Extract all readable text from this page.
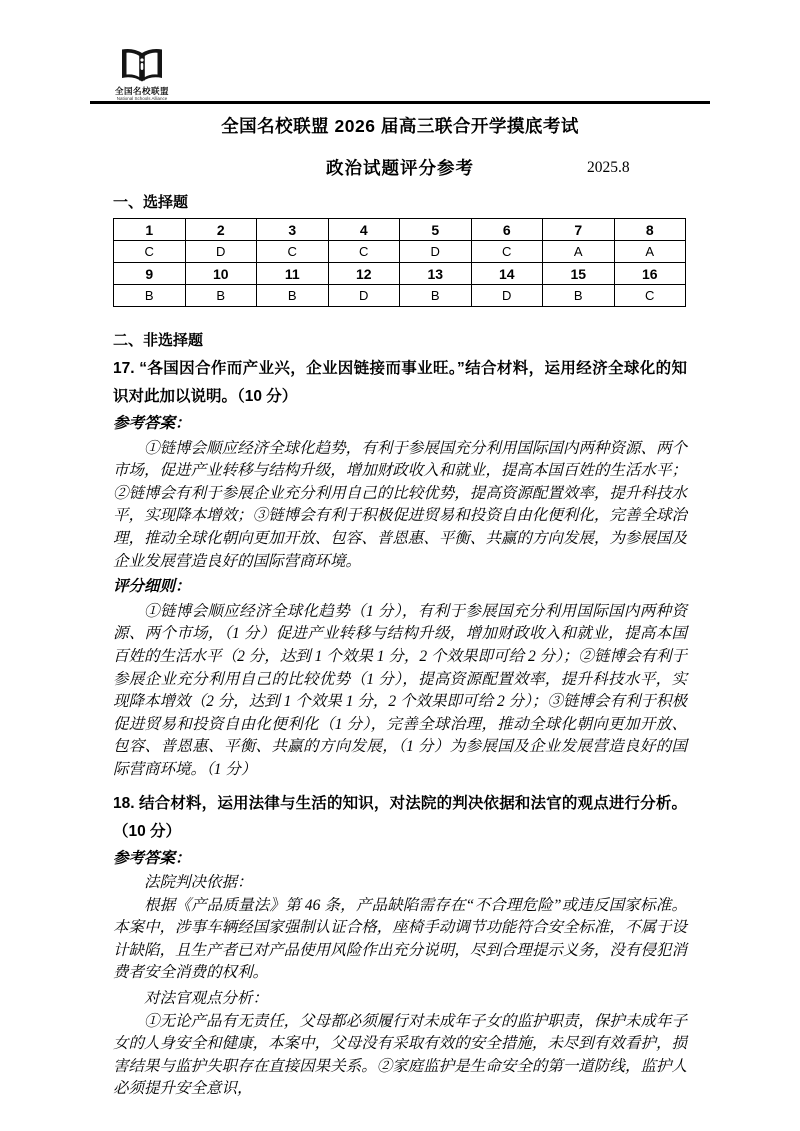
全国名校联盟
National Schools Alliance
全国名校联盟 2026 届高三联合开学摸底考试
政治试题评分参考	2025.8
一、选择题
1	2	3	4	5	6	7	8
C	D	C	C	D	C	A	A
9	10	11	12	13	14	15	16
B	B	B	D	B	D	B	C
二、非选择题

17. “各国因合作而产业兴，企业因链接而事业旺。”结合材料，运用经济全球化的知识对此加以说明。（10 分）

参考答案：

①链博会顺应经济全球化趋势，有利于参展国充分利用国际国内两种资源、两个市场，促进产业转移与结构升级，增加财政收入和就业，提高本国百姓的生活水平；②链博会有利于参展企业充分利用自己的比较优势，提高资源配置效率，提升科技水平，实现降本增效；③链博会有利于积极促进贸易和投资自由化便利化，完善全球治理，推动全球化朝向更加开放、包容、普恩惠、平衡、共赢的方向发展，为参展国及企业发展营造良好的国际营商环境。

评分细则：

①链博会顺应经济全球化趋势（1 分），有利于参展国充分利用国际国内两种资源、两个市场，（1 分）促进产业转移与结构升级，增加财政收入和就业，提高本国百姓的生活水平（2 分，达到 1 个效果 1 分，2 个效果即可给 2 分）；②链博会有利于参展企业充分利用自己的比较优势（1 分），提高资源配置效率，提升科技水平，实现降本增效（2 分，达到 1 个效果 1 分，2 个效果即可给 2 分）；③链博会有利于积极促进贸易和投资自由化便利化（1 分），完善全球治理，推动全球化朝向更加开放、包容、普恩惠、平衡、共赢的方向发展，（1 分）为参展国及企业发展营造良好的国际营商环境。（1 分）

18. 结合材料，运用法律与生活的知识，对法院的判决依据和法官的观点进行分析。（10 分）

参考答案：

法院判决依据：

根据《产品质量法》第 46 条，产品缺陷需存在“不合理危险”或违反国家标准。本案中，涉事车辆经国家强制认证合格，座椅手动调节功能符合安全标准，不属于设计缺陷，且生产者已对产品使用风险作出充分说明，尽到合理提示义务，没有侵犯消费者安全消费的权利。

对法官观点分析：

①无论产品有无责任，父母都必须履行对未成年子女的监护职责，保护未成年子女的人身安全和健康，本案中，父母没有采取有效的安全措施，未尽到有效看护，损害结果与监护失职存在直接因果关系。②家庭监护是生命安全的第一道防线，监护人必须提升安全意识，
